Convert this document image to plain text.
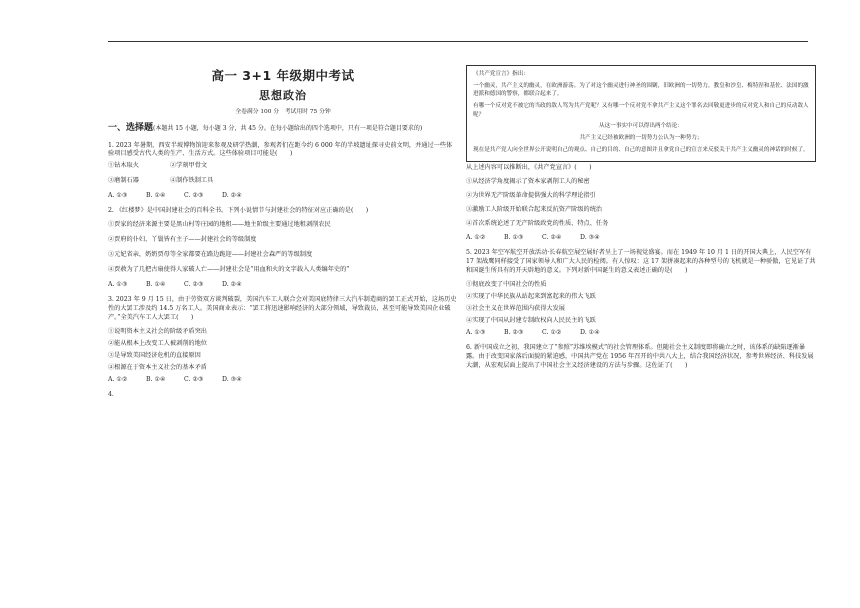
高一 3+1 年级期中考试
思想政治
全卷满分 100 分　考试用时 75 分钟
一、选择题(本题共 15 小题，每小题 3 分，共 45 分。在每小题给出的四个选项中，只有一项是符合题目要求的)
1. 2023 年暑期，西安半坡博物馆迎来参观及研学热潮，参观者们在距今约 6 000 年的半坡遗址探寻史前文明，并通过一些体验项目感受古代人类的生产、生活方式。这些体验项目可能是(　　)
①钻木取火	②学刻甲骨文
③磨制石器	④制作铁制工具
A. ①③	B. ①④	C. ②③	D. ②④
2. 《红楼梦》是中国封建社会的百科全书。下列小说情节与封建社会的特征对应正确的是(　　)
①贾家的经济来源主要是黑山村等庄园的地租——地主阶级主要通过地租剥削农民
②贾府的仆妇、丫鬟皆有主子——封建社会的等级制度
③元妃省亲，奶奶贾母等全家都要在路边跪迎——封建社会森严的等级制度
④贾赦为了几把古扇使得人家破人亡——封建社会是“用血和火的文字载入人类编年史的”
A. ①③	B. ①④	C. ②③	D. ②④
3. 2023 年 9 月 15 日，由于劳资双方谈判破裂，美国汽车工人联合会对美国底特律三大汽车制造商的罢工正式开始，这场历史性的大罢工涉及约 14.5 万名工人。美国商业表示：“罢工将迅速影响经济的大部分领域，导致裁员，甚至可能导致美国企业破产。”全美汽车工人大罢工(　　)
①说明资本主义社会的阶级矛盾突出
②能从根本上改变工人被剥削的地位
③是导致美国经济危机的直接原因
④根源在于资本主义社会的基本矛盾
A. ①②	B. ①④	C. ②③	D. ③④
4.

《共产党宣言》指出：

一个幽灵，共产主义的幽灵，在欧洲游荡。为了对这个幽灵进行神圣的围剿，旧欧洲的一切势力，教皇和沙皇、梅特涅和基佐、法国的激进派和德国的警察，都联合起来了。

有哪一个反对党不被它的当政的敌人骂为共产党呢？又有哪一个反对党不拿共产主义这个罪名去回敬更进步的反对党人和自己的反动敌人呢？

从这一事实中可以得出两个结论：

共产主义已经被欧洲的一切势力公认为一种势力；

现在是共产党人向全世界公开说明自己的观点、自己的目的、自己的意图并且拿党自己的宣言来反驳关于共产主义幽灵的神话的时候了。

从上述内容可以推断出，《共产党宣言》(　　)
①从经济学角度揭示了资本家剥削工人的秘密
②为世界无产阶级革命提供强大的科学理论指引
③激励工人阶级开始联合起来反抗资产阶级的统治
④首次系统论述了无产阶级政党的性质、特点、任务
A. ①②	B. ①③	C. ②④	D. ③④
5. 2023 年空军航空开放活动·长春航空展空展好者呈上了一场视觉盛宴。而在 1949 年 10 月 1 日的开国大典上，人民空军有 17 架战鹰同样接受了国家领导人和广大人民的检阅。有人惊叹：这 17 架拼凑起来的各种型号的飞机就是一种骄傲，它见证了共和国诞生所具有的开天辟地的意义。下列对新中国诞生的意义表述正确的是(　　)
①彻底改变了中国社会的性质
②实现了中华民族从站起来到富起来的伟大飞跃
③社会主义在世界范围内获得大发展
④实现了中国从封建专制政权向人民民主的飞跃
A. ①③	B. ②③	C. ①②	D. ①④
6. 新中国成立之初，我国建立了“参照”苏维埃模式”的社会管理体系。但随社会主义制度即将确立之时，该体系的缺陷逐渐暴露。由于改变国家落后面貌的紧迫感，中国共产党在 1956 年召开的中共八大上，结合我国经济状况，参考世界经济、科技发展大潮，从宏观层面上提出了中国社会主义经济建设的方法与步骤。这佐证了(　　)
